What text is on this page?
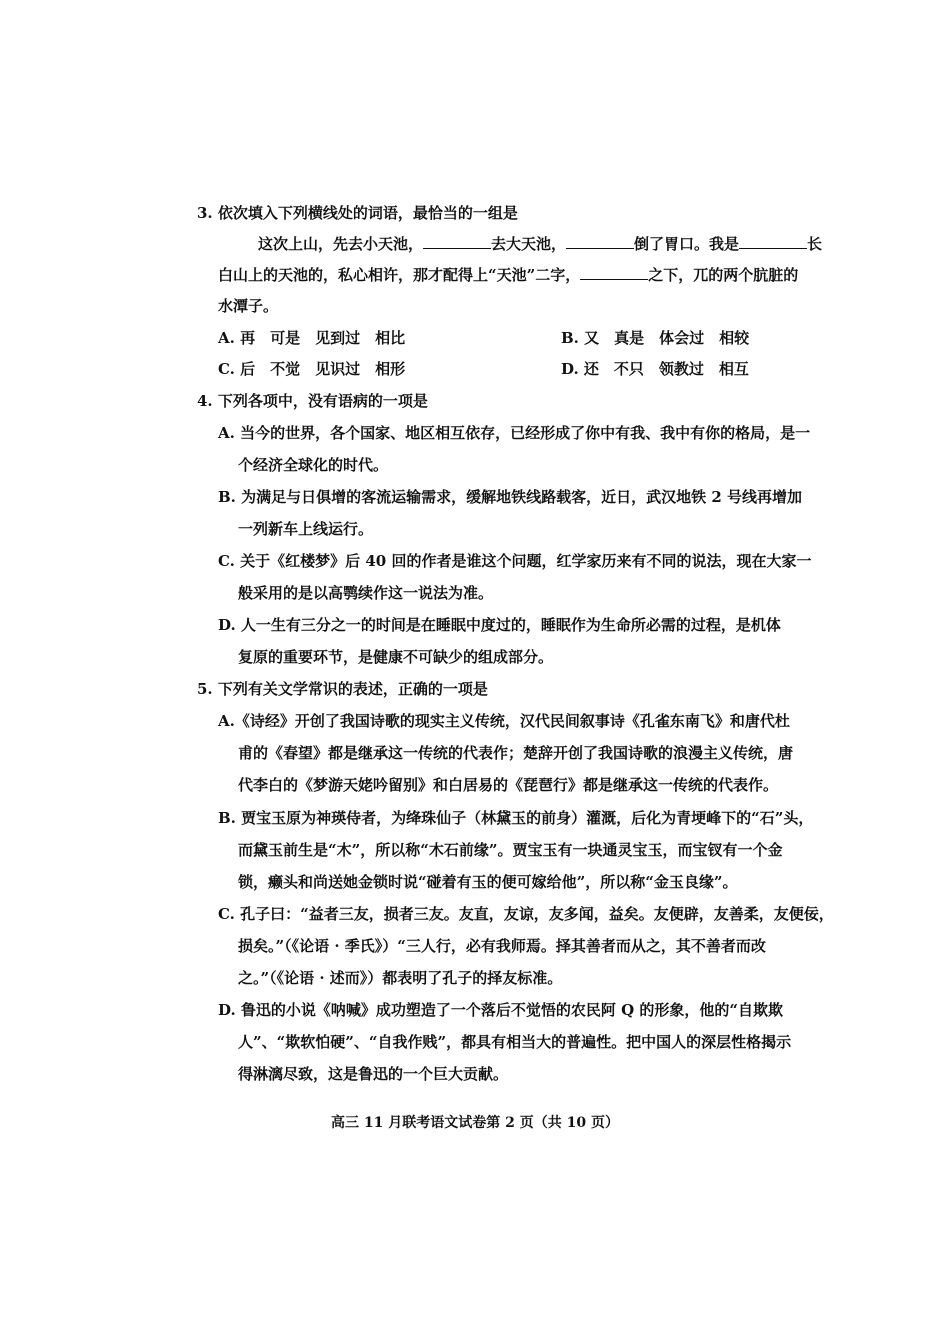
3. 依次填入下列横线处的词语，最恰当的一组是
这次上山，先去小天池，	去大天池，	倒了胃口。我是	长
白山上的天池的，私心相许，那才配得上“天池”二字，	之下，兀的两个肮脏的
水潭子。
A. 再　可是　见到过　相比	B. 又　真是　体会过　相较
C. 后　不觉　见识过　相形	D. 还　不只　领教过　相互
4. 下列各项中，没有语病的一项是
A. 当今的世界，各个国家、地区相互依存，已经形成了你中有我、我中有你的格局，是一
个经济全球化的时代。
B. 为满足与日俱增的客流运输需求，缓解地铁线路载客，近日，武汉地铁 2 号线再增加
一列新车上线运行。
C. 关于《红楼梦》后 40 回的作者是谁这个问题，红学家历来有不同的说法，现在大家一
般采用的是以高鹗续作这一说法为准。
D. 人一生有三分之一的时间是在睡眠中度过的，睡眠作为生命所必需的过程，是机体
复原的重要环节，是健康不可缺少的组成部分。
5. 下列有关文学常识的表述，正确的一项是
A.《诗经》开创了我国诗歌的现实主义传统，汉代民间叙事诗《孔雀东南飞》和唐代杜
甫的《春望》都是继承这一传统的代表作；楚辞开创了我国诗歌的浪漫主义传统，唐
代李白的《梦游天姥吟留别》和白居易的《琵琶行》都是继承这一传统的代表作。
B. 贾宝玉原为神瑛侍者，为绛珠仙子（林黛玉的前身）灌溉，后化为青埂峰下的“石”头，
而黛玉前生是“木”，所以称“木石前缘”。贾宝玉有一块通灵宝玉，而宝钗有一个金
锁，癞头和尚送她金锁时说“碰着有玉的便可嫁给他”，所以称“金玉良缘”。
C. 孔子曰：“益者三友，损者三友。友直，友谅，友多闻，益矣。友便辟，友善柔，友便佞，
损矣。”（《论语 · 季氏》）“三人行，必有我师焉。择其善者而从之，其不善者而改
之。”（《论语 · 述而》）都表明了孔子的择友标准。
D. 鲁迅的小说《呐喊》成功塑造了一个落后不觉悟的农民阿 Q 的形象，他的“自欺欺
人”、“欺软怕硬”、“自我作贱”，都具有相当大的普遍性。把中国人的深层性格揭示
得淋漓尽致，这是鲁迅的一个巨大贡献。
高三 11 月联考语文试卷第 2 页（共 10 页）
